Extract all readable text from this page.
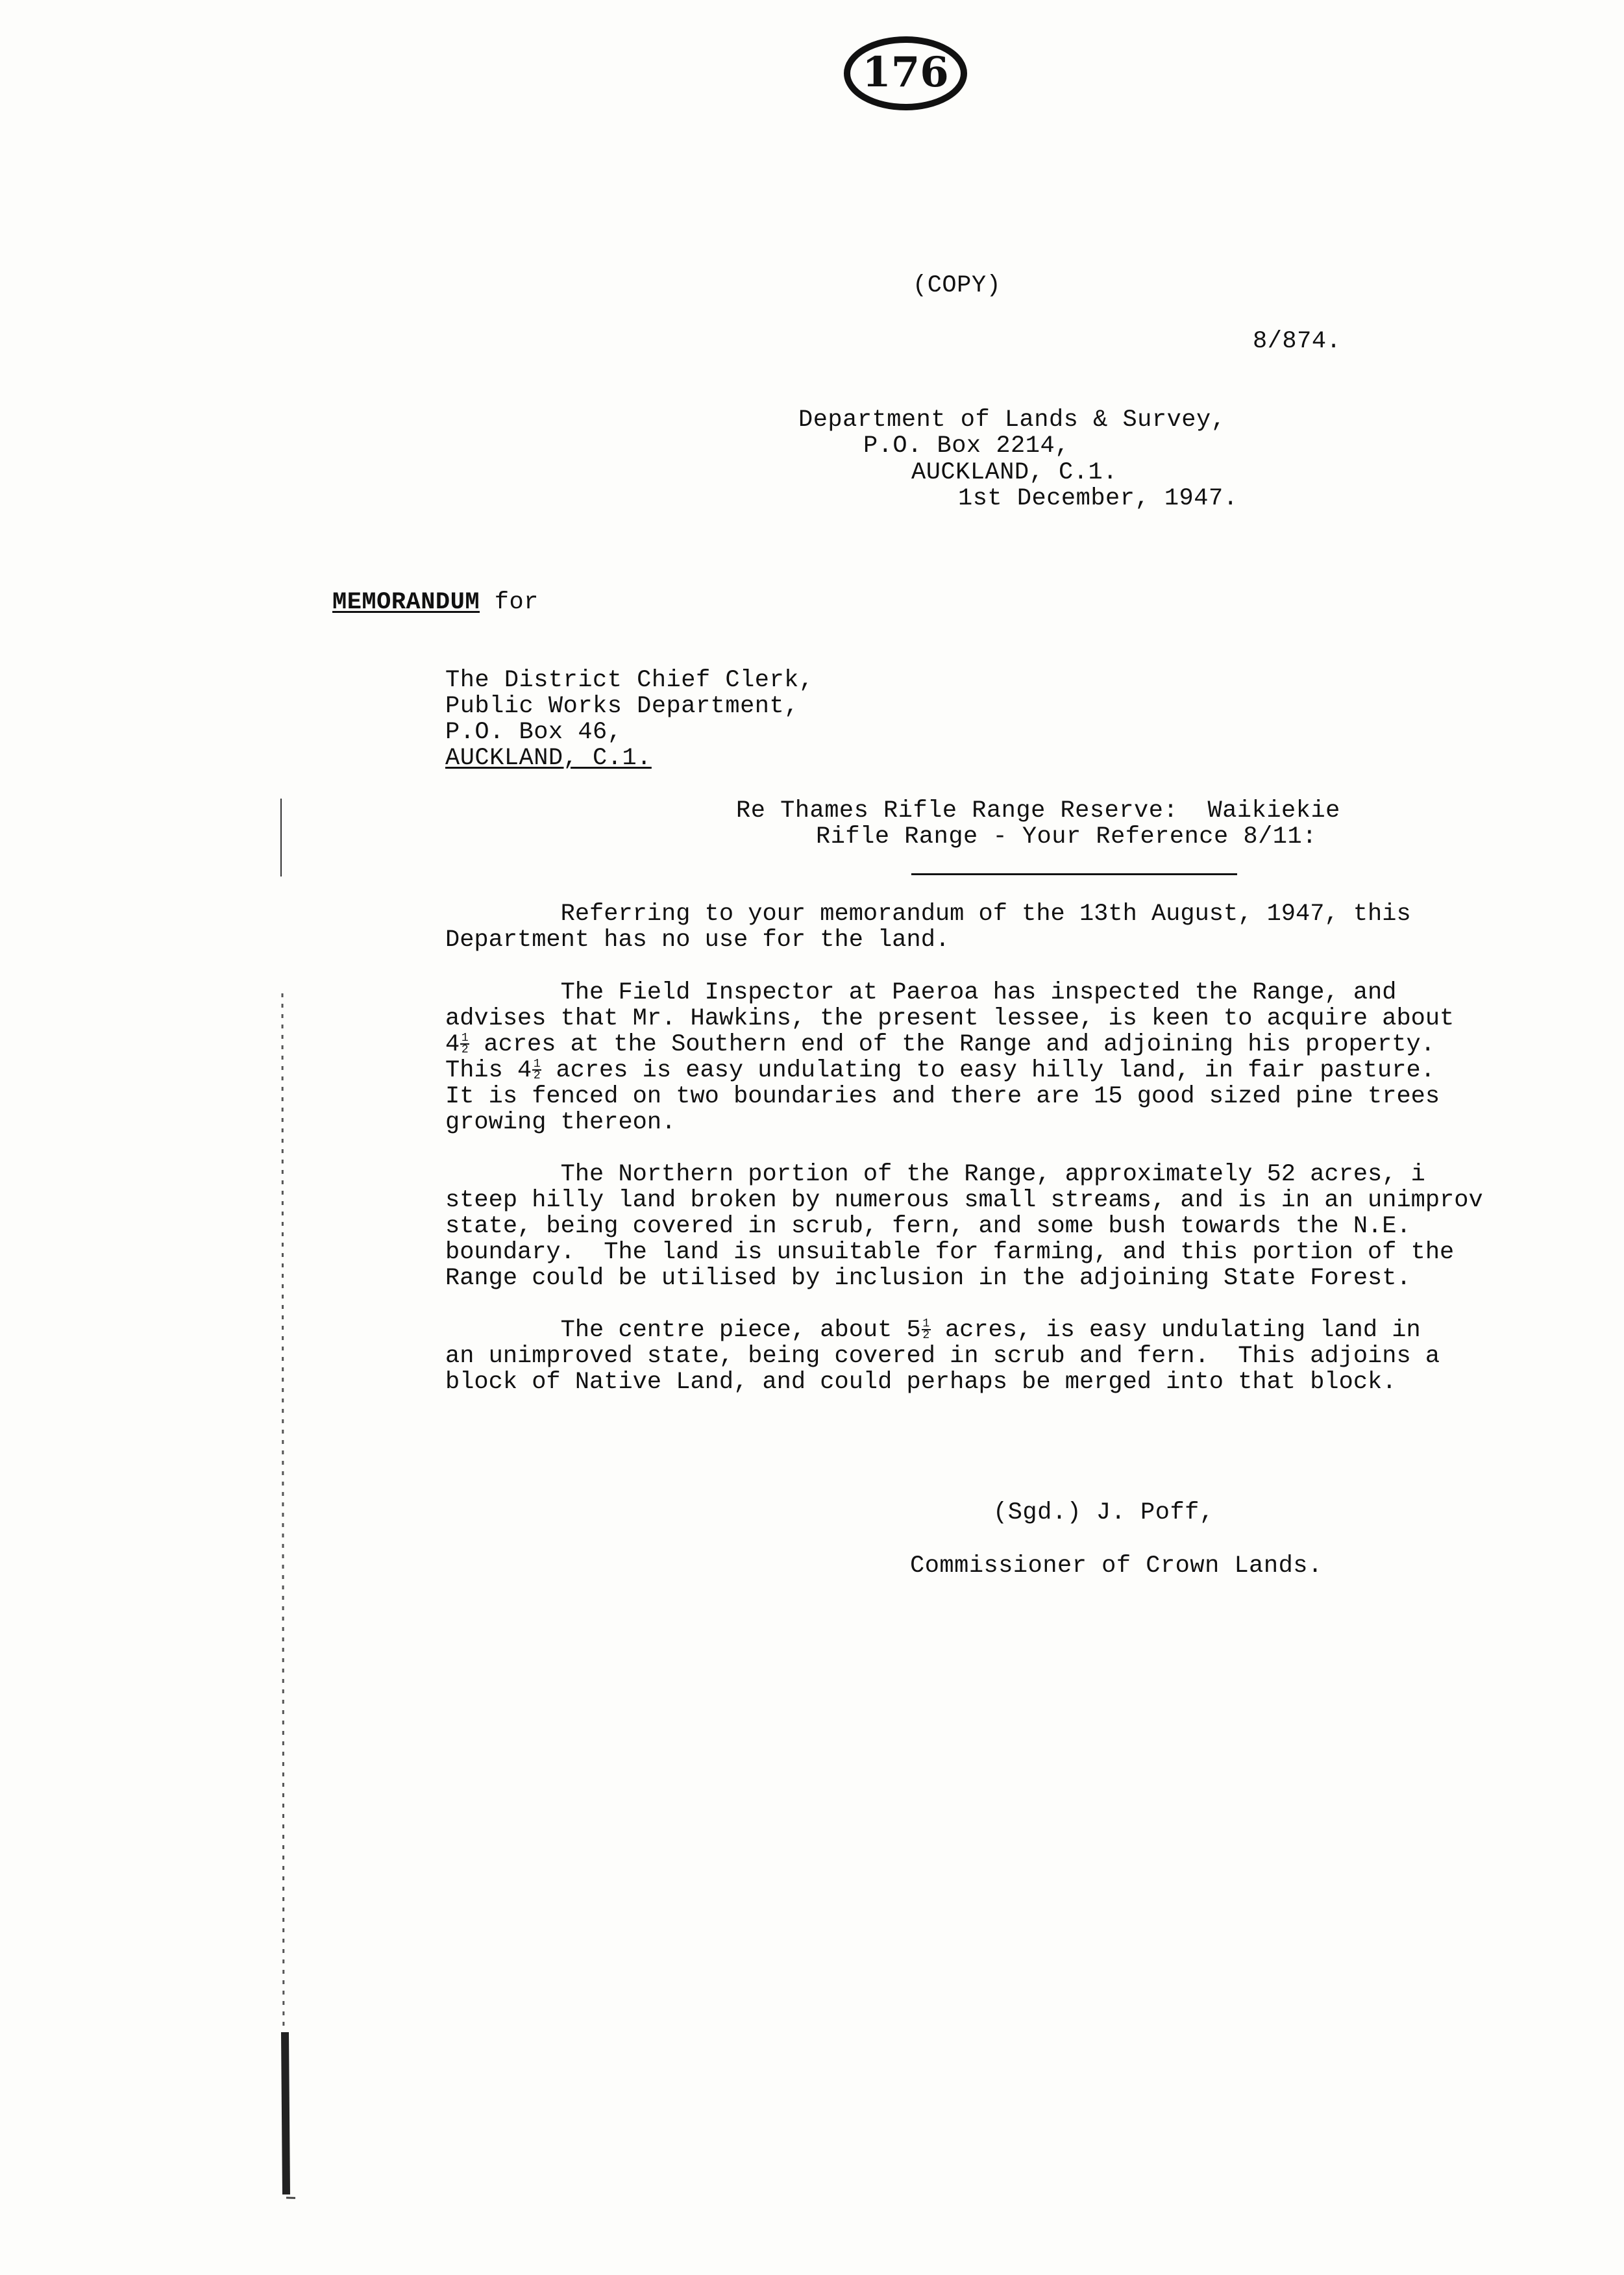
176
(COPY)
8/874.
Department of Lands & Survey,
P.O. Box 2214,
AUCKLAND, C.1.
1st December, 1947.
MEMORANDUM for
The District Chief Clerk,
Public Works Department,
P.O. Box 46,
AUCKLAND, C.1.
Re Thames Rifle Range Reserve:  Waikiekie
Rifle Range - Your Reference 8/11:
Referring to your memorandum of the 13th August, 1947, this
Department has no use for the land.
The Field Inspector at Paeroa has inspected the Range, and
advises that Mr. Hawkins, the present lessee, is keen to acquire about
$4 \frac{1}{2}$ acres at the Southern end of the Range and adjoining his property.
This $4 \frac{1}{2}$ acres is easy undulating to easy hilly land, in fair pasture.
It is fenced on two boundaries and there are 15 good sized pine trees
growing thereon.
The Northern portion of the Range, approximately 52 acres, i
steep hilly land broken by numerous small streams, and is in an unimprov
state, being covered in scrub, fern, and some bush towards the N.E.
boundary.  The land is unsuitable for farming, and this portion of the
Range could be utilised by inclusion in the adjoining State Forest.
The centre piece, about $5 \frac{1}{2}$ acres, is easy undulating land in
an unimproved state, being covered in scrub and fern.  This adjoins a
block of Native Land, and could perhaps be merged into that block.
(Sgd.) J. Poff,
Commissioner of Crown Lands.
